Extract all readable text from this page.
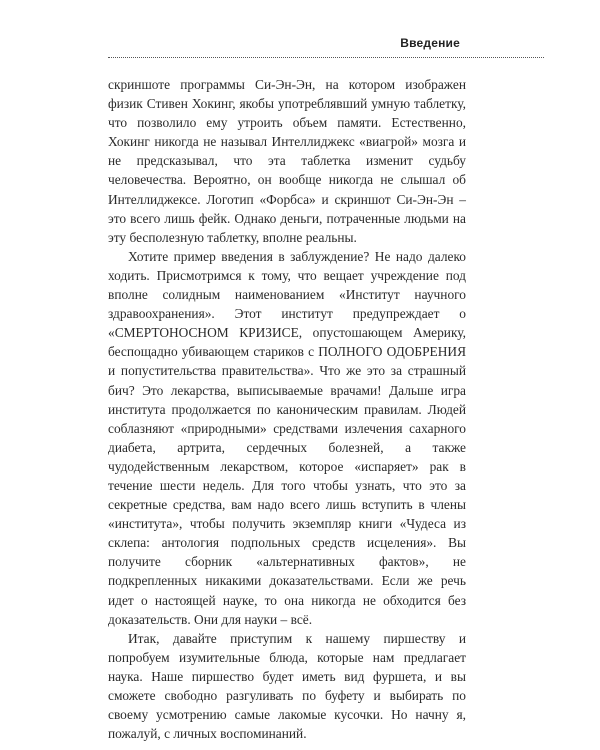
Введение

скриншоте программы Си-Эн-Эн, на котором изображен физик Стивен Хокинг, якобы употреблявший умную таблетку, что позволило ему утроить объем памяти. Естественно, Хокинг никогда не называл Интеллиджекс «виагрой» мозга и не предсказывал, что эта таблетка изменит судьбу человечества. Вероятно, он вообще никогда не слышал об Интеллиджексе. Логотип «Форбса» и скриншот Си-Эн-Эн – это всего лишь фейк. Однако деньги, потраченные людьми на эту бесполезную таблетку, вполне реальны.

Хотите пример введения в заблуждение? Не надо далеко ходить. Присмотримся к тому, что вещает учреждение под вполне солидным наименованием «Институт научного здравоохранения». Этот институт предупреждает о «СМЕРТОНОСНОМ КРИЗИСЕ, опустошающем Америку, беспощадно убивающем стариков с ПОЛНОГО ОДОБРЕНИЯ и попустительства правительства». Что же это за страшный бич? Это лекарства, выписываемые врачами! Дальше игра института продолжается по каноническим правилам. Людей соблазняют «природными» средствами излечения сахарного диабета, артрита, сердечных болезней, а также чудодейственным лекарством, которое «испаряет» рак в течение шести недель. Для того чтобы узнать, что это за секретные средства, вам надо всего лишь вступить в члены «института», чтобы получить экземпляр книги «Чудеса из склепа: антология подпольных средств исцеления». Вы получите сборник «альтернативных фактов», не подкрепленных никакими доказательствами. Если же речь идет о настоящей науке, то она никогда не обходится без доказательств. Они для науки – всё.

Итак, давайте приступим к нашему пиршеству и попробуем изумительные блюда, которые нам предлагает наука. Наше пиршество будет иметь вид фуршета, и вы сможете свободно разгуливать по буфету и выбирать по своему усмотрению самые лакомые кусочки. Но начну я, пожалуй, с личных воспоминаний.
